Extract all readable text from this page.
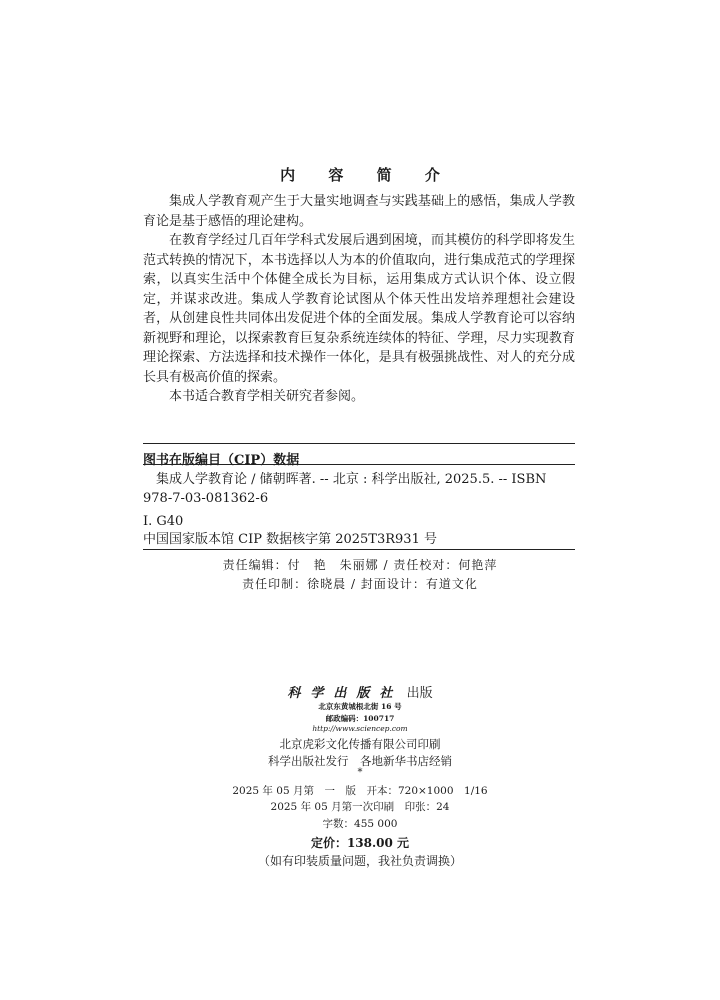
内 容 简 介

集成人学教育观产生于大量实地调查与实践基础上的感悟，集成人学教育论是基于感悟的理论建构。

在教育学经过几百年学科式发展后遇到困境，而其模仿的科学即将发生范式转换的情况下，本书选择以人为本的价值取向，进行集成范式的学理探索，以真实生活中个体健全成长为目标，运用集成方式认识个体、设立假定，并谋求改进。集成人学教育论试图从个体天性出发培养理想社会建设者，从创建良性共同体出发促进个体的全面发展。集成人学教育论可以容纳新视野和理论，以探索教育巨复杂系统连续体的特征、学理，尽力实现教育理论探索、方法选择和技术操作一体化，是具有极强挑战性、对人的充分成长具有极高价值的探索。

本书适合教育学相关研究者参阅。

图书在版编目（CIP）数据
集成人学教育论 / 储朝晖著. -- 北京 : 科学出版社, 2025.5. -- ISBN
978-7-03-081362-6
Ⅰ. G40
中国国家版本馆 CIP 数据核字第 2025T3R931 号
责任编辑：付　艳　朱丽娜 / 责任校对：何艳萍
责任印制：徐晓晨 / 封面设计：有道文化
科学出版社 出版
北京东黄城根北街 16 号
邮政编码：100717
http://www.sciencep.com
北京虎彩文化传播有限公司印刷
科学出版社发行　各地新华书店经销
*
2025 年 05 月第　一　版　开本：720×1000　1/16
2025 年 05 月第一次印刷　印张：24
字数：455 000
定价：138.00 元
（如有印装质量问题，我社负责调换）
